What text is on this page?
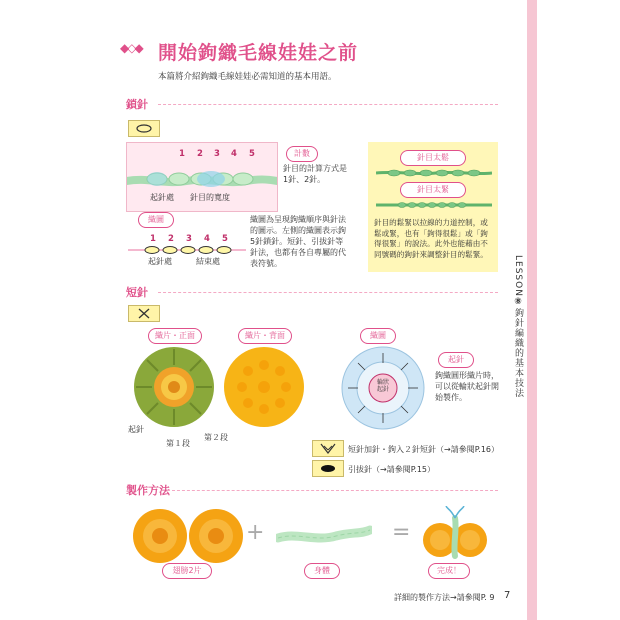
LESSON⑧鉤針編織的基本技法
◆◇◆ 開始鉤織毛線娃娃之前
本篇將介紹鉤織毛線娃娃必需知道的基本用語。
鎖針
1 2 3 4 5
起針處 針目的寬度
計數
針目的計算方式是
1針、2針。
織圖
1 2 3 4 5
起針處	結束處
織圖為呈現鉤織順序與針法
的圖示。左側的織圖表示鉤
5針鎖針。短針、引拔針等
針法，也都有各自專屬的代
表符號。
針目太鬆
針目太緊
針目的鬆緊以拉線的力道控制，或
鬆或緊，也有「鉤得很鬆」或「鉤
得很緊」的說法。此外也能藉由不
同號碼的鉤針來調整針目的鬆緊。
短針
織片・正面	織片・背面	織圖
起針
第１段
第２段
輪狀
起針
起針
鉤織圓形織片時，
可以從輪狀起針開
始製作。
短針加針・鉤入２針短針（→請參閱P.16）
引拔針（→請參閱P.15）
製作方法
+	=
翅膀2片	身體	完成！
詳細的製作方法→請參閱P. 9 7
